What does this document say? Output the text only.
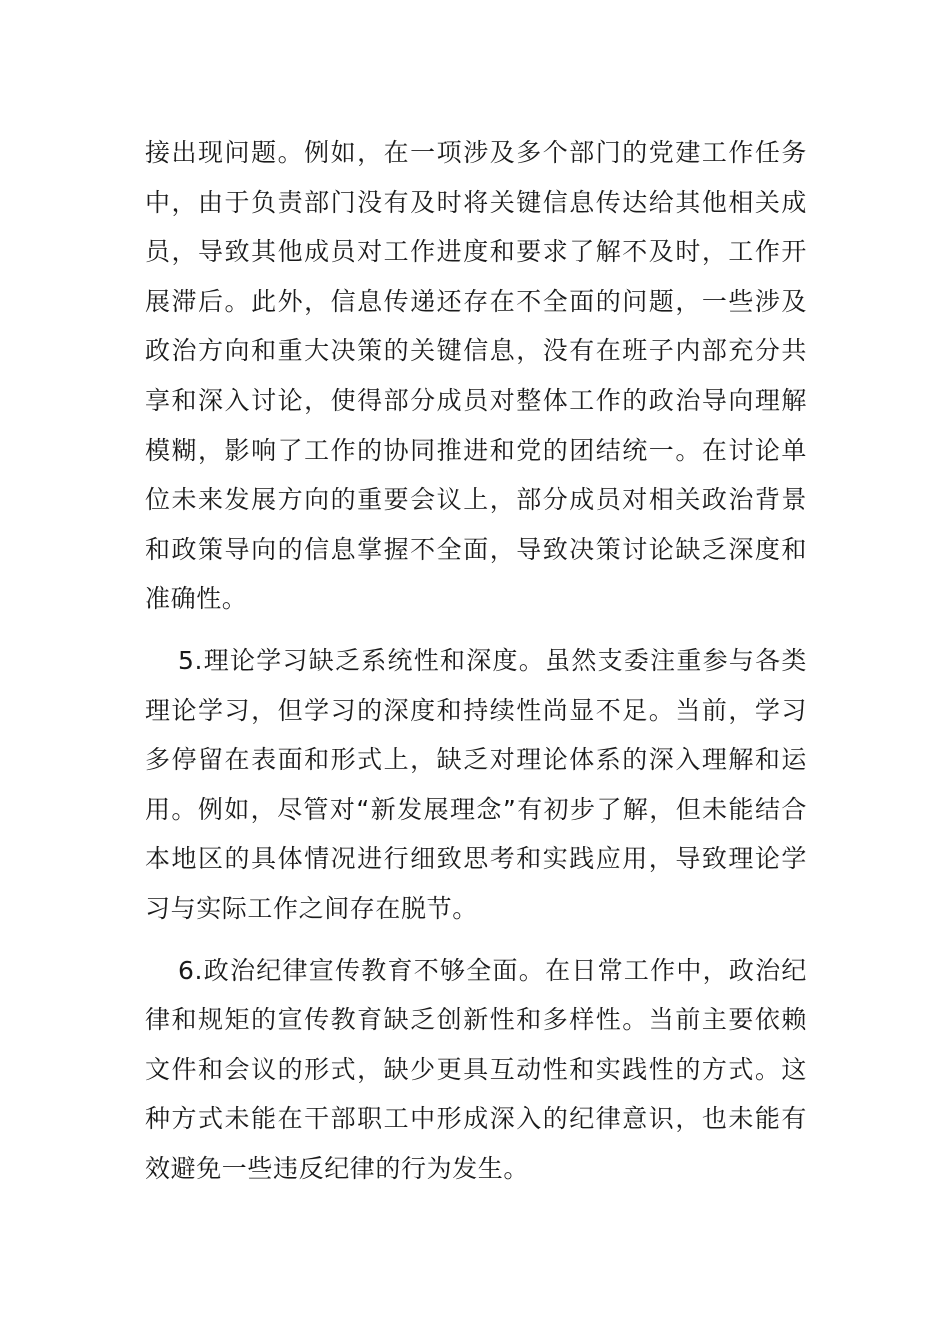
接出现问题。例如，在一项涉及多个部门的党建工作任务中，由于负责部门没有及时将关键信息传达给其他相关成员，导致其他成员对工作进度和要求了解不及时，工作开展滞后。此外，信息传递还存在不全面的问题，一些涉及政治方向和重大决策的关键信息，没有在班子内部充分共享和深入讨论，使得部分成员对整体工作的政治导向理解模糊，影响了工作的协同推进和党的团结统一。在讨论单位未来发展方向的重要会议上，部分成员对相关政治背景和政策导向的信息掌握不全面，导致决策讨论缺乏深度和准确性。

5.理论学习缺乏系统性和深度。虽然支委注重参与各类理论学习，但学习的深度和持续性尚显不足。当前，学习多停留在表面和形式上，缺乏对理论体系的深入理解和运用。例如，尽管对“新发展理念”有初步了解，但未能结合本地区的具体情况进行细致思考和实践应用，导致理论学习与实际工作之间存在脱节。

6.政治纪律宣传教育不够全面。在日常工作中，政治纪律和规矩的宣传教育缺乏创新性和多样性。当前主要依赖文件和会议的形式，缺少更具互动性和实践性的方式。这种方式未能在干部职工中形成深入的纪律意识，也未能有效避免一些违反纪律的行为发生。
